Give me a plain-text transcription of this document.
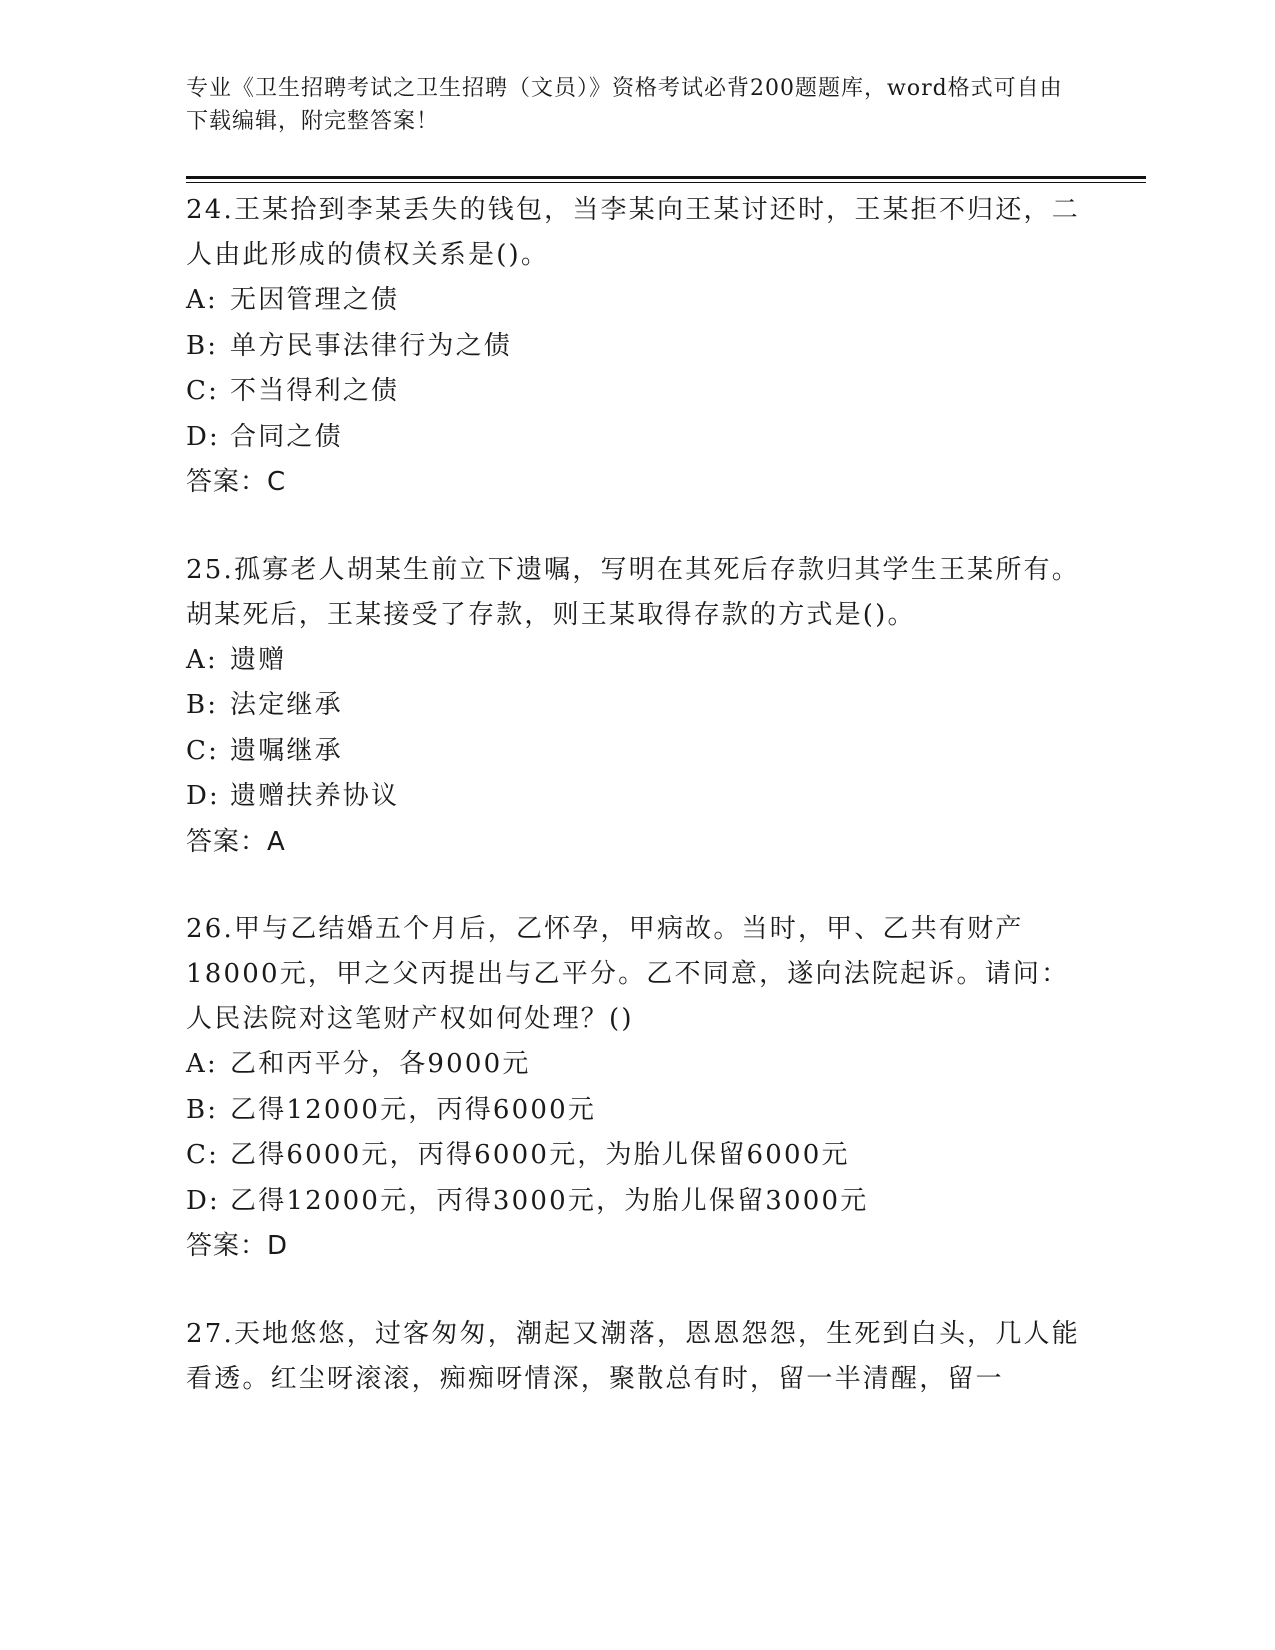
专业《卫生招聘考试之卫生招聘（文员）》资格考试必背200题题库，word格式可自由下载编辑，附完整答案！

24.王某拾到李某丢失的钱包，当李某向王某讨还时，王某拒不归还，二人由此形成的债权关系是()。

A: 无因管理之债

B: 单方民事法律行为之债

C: 不当得利之债

D: 合同之债

答案：C

25.孤寡老人胡某生前立下遗嘱，写明在其死后存款归其学生王某所有。胡某死后，王某接受了存款，则王某取得存款的方式是()。

A: 遗赠

B: 法定继承

C: 遗嘱继承

D: 遗赠扶养协议

答案：A

26.甲与乙结婚五个月后，乙怀孕，甲病故。当时，甲、乙共有财产18000元，甲之父丙提出与乙平分。乙不同意，遂向法院起诉。请问：人民法院对这笔财产权如何处理？()

A: 乙和丙平分，各9000元

B: 乙得12000元，丙得6000元

C: 乙得6000元，丙得6000元，为胎儿保留6000元

D: 乙得12000元，丙得3000元，为胎儿保留3000元

答案：D

27.天地悠悠，过客匆匆，潮起又潮落，恩恩怨怨，生死到白头，几人能看透。红尘呀滚滚，痴痴呀情深，聚散总有时，留一半清醒，留一
